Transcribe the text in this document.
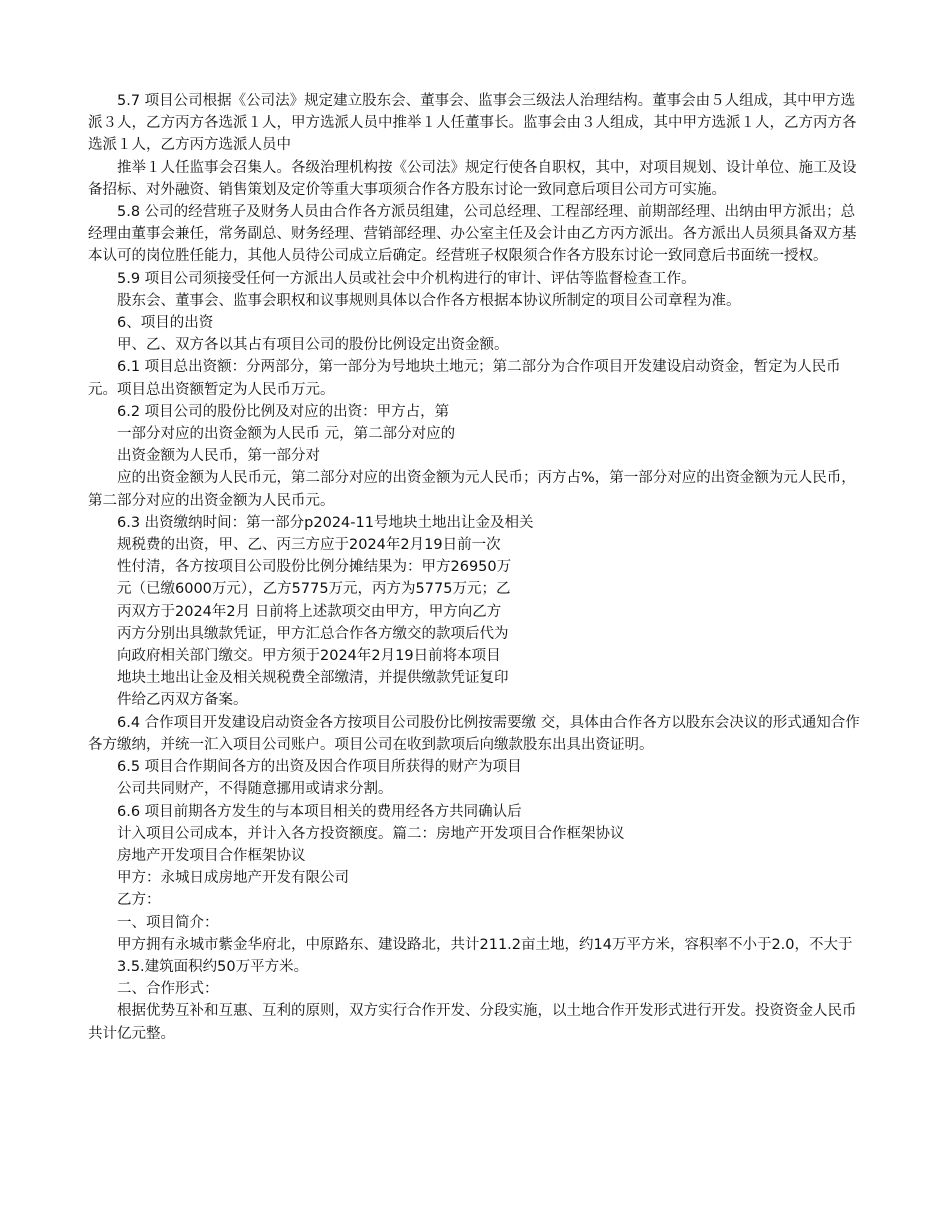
5.7 项目公司根据《公司法》规定建立股东会、董事会、监事会三级法人治理结构。董事会由５人组成，其中甲方选派３人，乙方丙方各选派１人，甲方选派人员中推举１人任董事长。监事会由３人组成，其中甲方选派１人，乙方丙方各选派１人，乙方丙方选派人员中

推举１人任监事会召集人。各级治理机构按《公司法》规定行使各自职权，其中，对项目规划、设计单位、施工及设备招标、对外融资、销售策划及定价等重大事项须合作各方股东讨论一致同意后项目公司方可实施。

5.8 公司的经营班子及财务人员由合作各方派员组建，公司总经理、工程部经理、前期部经理、出纳由甲方派出；总经理由董事会兼任，常务副总、财务经理、营销部经理、办公室主任及会计由乙方丙方派出。各方派出人员须具备双方基本认可的岗位胜任能力，其他人员待公司成立后确定。经营班子权限须合作各方股东讨论一致同意后书面统一授权。

5.9 项目公司须接受任何一方派出人员或社会中介机构进行的审计、评估等监督检查工作。

股东会、董事会、监事会职权和议事规则具体以合作各方根据本协议所制定的项目公司章程为准。

6、项目的出资

甲、乙、双方各以其占有项目公司的股份比例设定出资金额。

6.1 项目总出资额：分两部分，第一部分为号地块土地元；第二部分为合作项目开发建设启动资金，暂定为人民币元。项目总出资额暂定为人民币万元。

6.2 项目公司的股份比例及对应的出资：甲方占，第

一部分对应的出资金额为人民币 元，第二部分对应的

出资金额为人民币，第一部分对

应的出资金额为人民币元，第二部分对应的出资金额为元人民币；丙方占%，第一部分对应的出资金额为元人民币，第二部分对应的出资金额为人民币元。

6.3 出资缴纳时间：第一部分p2024-11号地块土地出让金及相关

规税费的出资，甲、乙、丙三方应于2024年2月19日前一次

性付清，各方按项目公司股份比例分摊结果为：甲方26950万

元（已缴6000万元），乙方5775万元，丙方为5775万元；乙

丙双方于2024年2月 日前将上述款项交由甲方，甲方向乙方

丙方分别出具缴款凭证，甲方汇总合作各方缴交的款项后代为

向政府相关部门缴交。甲方须于2024年2月19日前将本项目

地块土地出让金及相关规税费全部缴清，并提供缴款凭证复印

件给乙丙双方备案。

6.4 合作项目开发建设启动资金各方按项目公司股份比例按需要缴 交，具体由合作各方以股东会决议的形式通知合作各方缴纳，并统一汇入项目公司账户。项目公司在收到款项后向缴款股东出具出资证明。

6.5 项目合作期间各方的出资及因合作项目所获得的财产为项目

公司共同财产，不得随意挪用或请求分割。

6.6 项目前期各方发生的与本项目相关的费用经各方共同确认后

计入项目公司成本，并计入各方投资额度。篇二：房地产开发项目合作框架协议

房地产开发项目合作框架协议

甲方：永城日成房地产开发有限公司

乙方：

一、项目简介：

甲方拥有永城市紫金华府北，中原路东、建设路北，共计211.2亩土地，约14万平方米，容积率不小于2.0，不大于

3.5.建筑面积约50万平方米。

二、合作形式：

根据优势互补和互惠、互利的原则，双方实行合作开发、分段实施，以土地合作开发形式进行开发。投资资金人民币共计亿元整。
